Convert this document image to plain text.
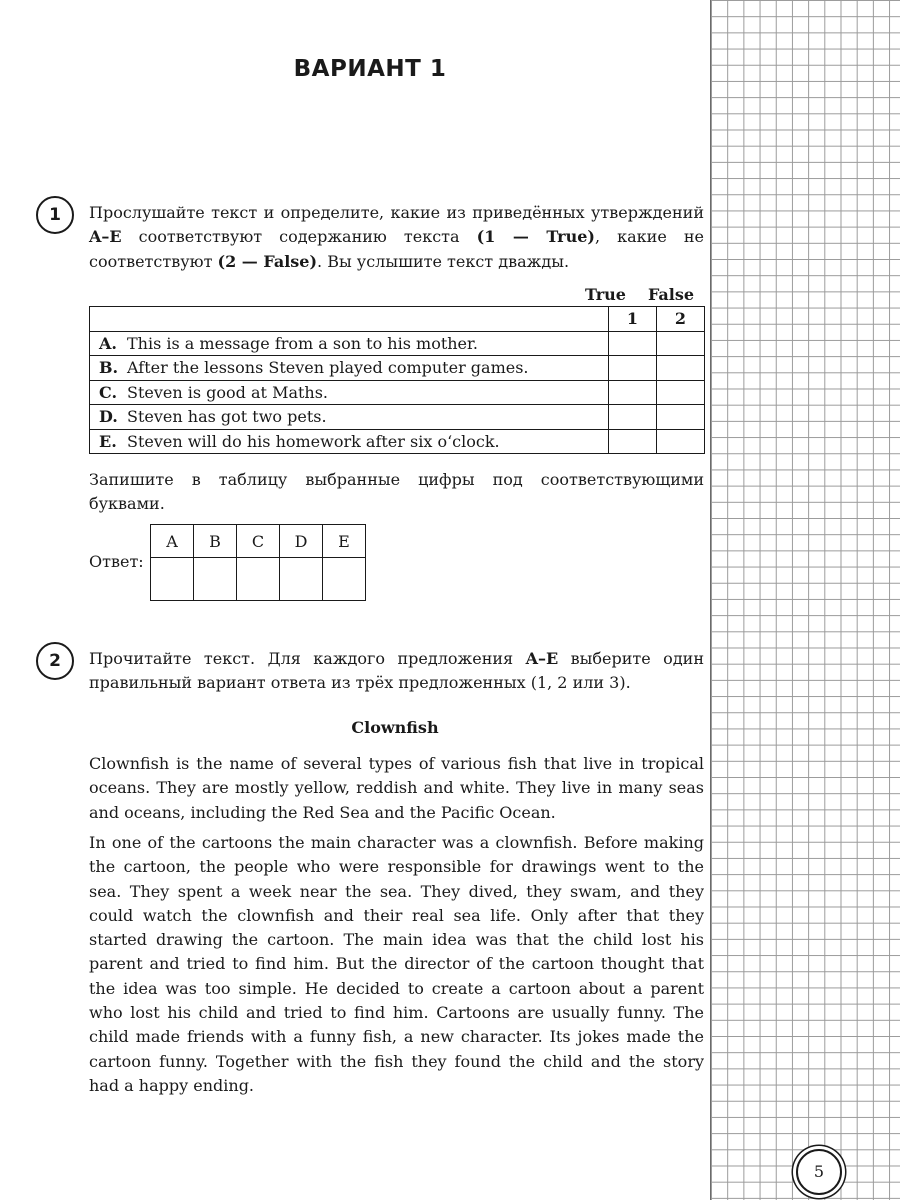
ВАРИАНТ 1
1	Прослушайте текст и определите, какие из приведённых утверждений A–E соответствуют содержанию текста (1 — True), какие не соответствуют (2 — False). Вы услышите текст дважды.
True	False
		1	2
A.	This is a message from a son to his mother.		
B.	After the lessons Steven played computer games.		
C.	Steven is good at Maths.		
D.	Steven has got two pets.		
E.	Steven will do his homework after six o‘clock.		
Запишите в таблицу выбранные цифры под соответствующими буквами.
Ответ:
A	B	C	D	E

2	Прочитайте текст. Для каждого предложения A–E выберите один правильный вариант ответа из трёх предложенных (1, 2 или 3).
Clownfish
Clownfish is the name of several types of various fish that live in tropical oceans. They are mostly yellow, reddish and white. They live in many seas and oceans, including the Red Sea and the Pacific Ocean.
In one of the cartoons the main character was a clownfish. Before making the cartoon, the people who were responsible for drawings went to the sea. They spent a week near the sea. They dived, they swam, and they could watch the clownfish and their real sea life. Only after that they started drawing the cartoon. The main idea was that the child lost his parent and tried to find him. But the director of the cartoon thought that the idea was too simple. He decided to create a cartoon about a parent who lost his child and tried to find him. Cartoons are usually funny. The child made friends with a funny fish, a new character. Its jokes made the cartoon funny. Together with the fish they found the child and the story had a happy ending.
5
